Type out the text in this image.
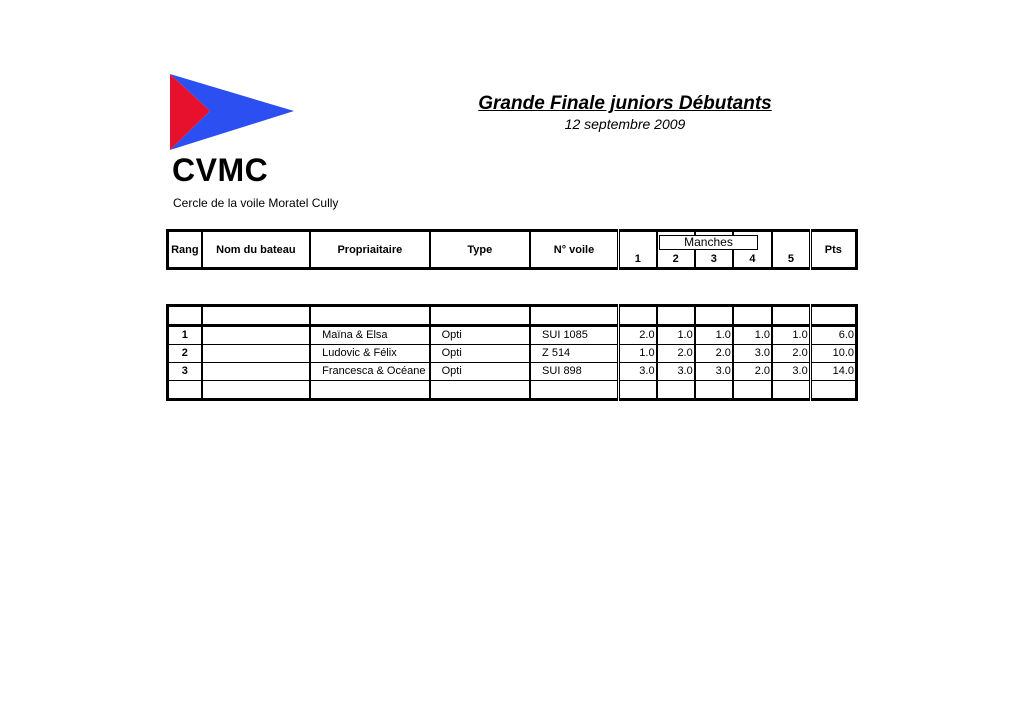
CVMC
Cercle de la voile Moratel Cully
Grande Finale juniors Débutants
12 septembre 2009
Rang	Nom du bateau	Propriaitaire	Type	N° voile	1	2	3	4	5	Pts
Manches

1		Maïna & Elsa	Opti	SUI 1085	2.0	1.0	1.0	1.0	1.0	6.0
2		Ludovic & Félix	Opti	Z 514	1.0	2.0	2.0	3.0	2.0	10.0
3		Francesca & Océane	Opti	SUI 898	3.0	3.0	3.0	2.0	3.0	14.0
